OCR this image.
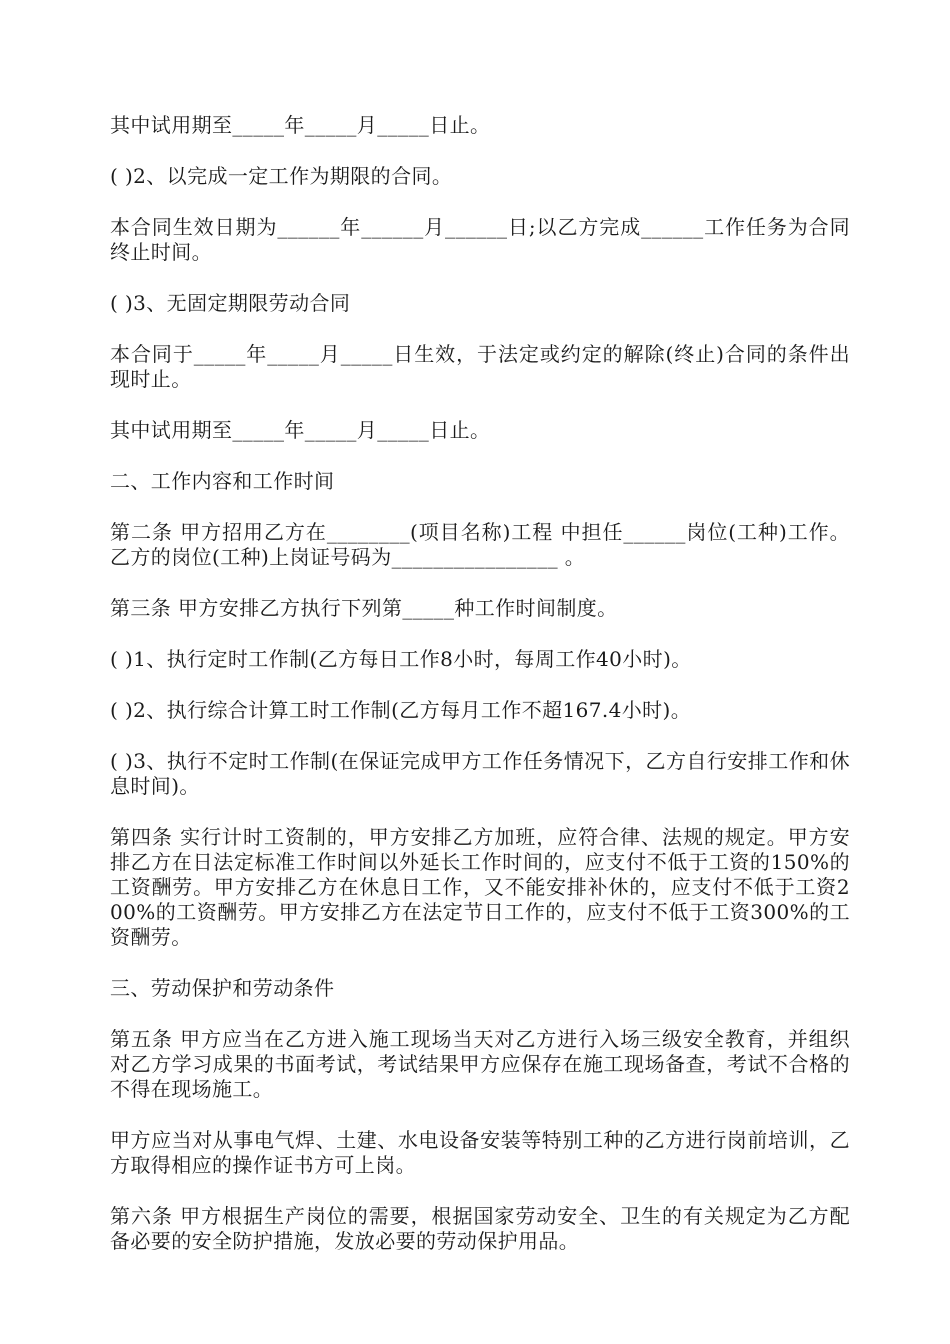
其中试用期至_____年_____月_____日止。

( )2、以完成一定工作为期限的合同。

本合同生效日期为______年______月______日;以乙方完成______工作任务为合同终止时间。

( )3、无固定期限劳动合同

本合同于_____年_____月_____日生效，于法定或约定的解除(终止)合同的条件出现时止。

其中试用期至_____年_____月_____日止。

二、工作内容和工作时间

第二条 甲方招用乙方在________(项目名称)工程 中担任______岗位(工种)工作。乙方的岗位(工种)上岗证号码为________________ 。

第三条 甲方安排乙方执行下列第_____种工作时间制度。

( )1、执行定时工作制(乙方每日工作8小时，每周工作40小时)。

( )2、执行综合计算工时工作制(乙方每月工作不超167.4小时)。

( )3、执行不定时工作制(在保证完成甲方工作任务情况下，乙方自行安排工作和休息时间)。

第四条 实行计时工资制的，甲方安排乙方加班，应符合律、法规的规定。甲方安排乙方在日法定标准工作时间以外延长工作时间的，应支付不低于工资的150%的工资酬劳。甲方安排乙方在休息日工作，又不能安排补休的，应支付不低于工资200%的工资酬劳。甲方安排乙方在法定节日工作的，应支付不低于工资300%的工资酬劳。

三、劳动保护和劳动条件

第五条 甲方应当在乙方进入施工现场当天对乙方进行入场三级安全教育，并组织对乙方学习成果的书面考试，考试结果甲方应保存在施工现场备查，考试不合格的不得在现场施工。

甲方应当对从事电气焊、土建、水电设备安装等特别工种的乙方进行岗前培训，乙方取得相应的操作证书方可上岗。

第六条 甲方根据生产岗位的需要，根据国家劳动安全、卫生的有关规定为乙方配备必要的安全防护措施，发放必要的劳动保护用品。
